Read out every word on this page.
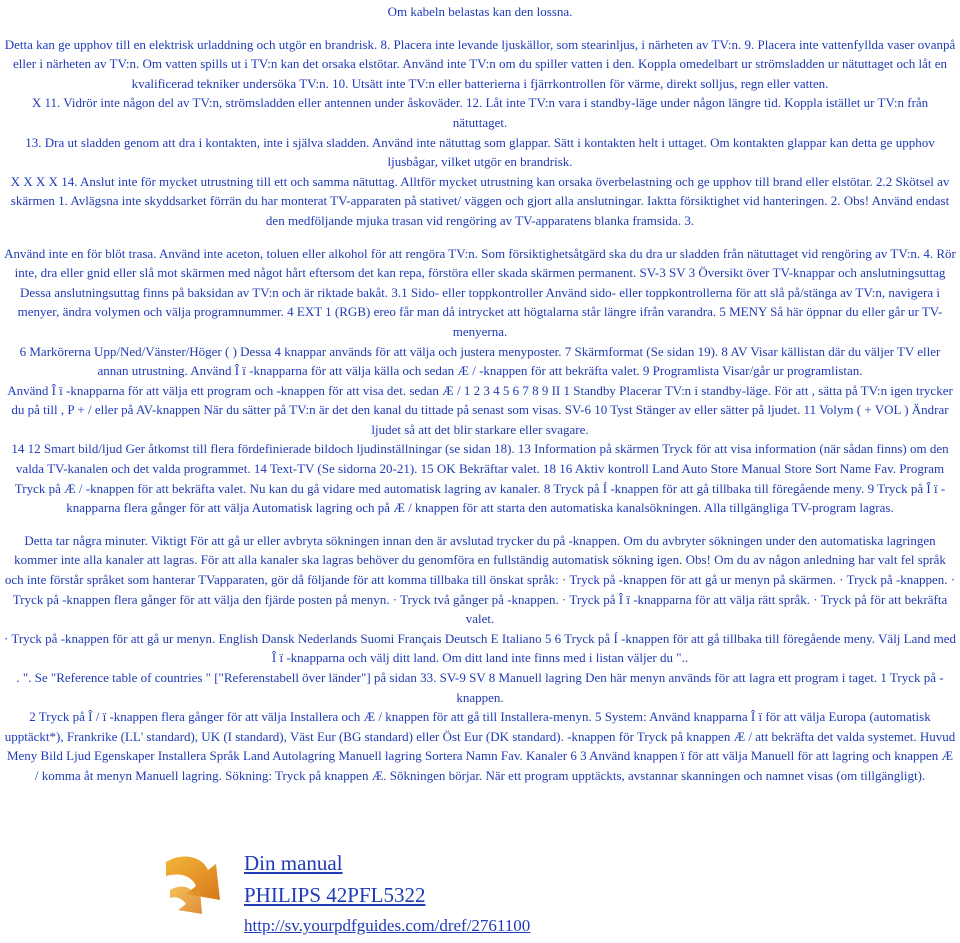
Om kabeln belastas kan den lossna.

Detta kan ge upphov till en elektrisk urladdning och utgör en brandrisk. 8. Placera inte levande ljuskällor, som stearinljus, i närheten av TV:n. 9. Placera inte vattenfyllda vaser ovanpå eller i närheten av TV:n. Om vatten spills ut i TV:n kan det orsaka elstötar. Använd inte TV:n om du spiller vatten i den. Koppla omedelbart ur strömsladden ur nätuttaget och låt en kvalificerad tekniker undersöka TV:n. 10. Utsätt inte TV:n eller batterierna i fjärrkontrollen för värme, direkt solljus, regn eller vatten.

X 11. Vidrör inte någon del av TV:n, strömsladden eller antennen under åskoväder. 12. Låt inte TV:n vara i standby-läge under någon längre tid. Koppla istället ur TV:n från nätuttaget.

13. Dra ut sladden genom att dra i kontakten, inte i själva sladden. Använd inte nätuttag som glappar. Sätt i kontakten helt i uttaget. Om kontakten glappar kan detta ge upphov ljusbågar, vilket utgör en brandrisk.

X X X X 14. Anslut inte för mycket utrustning till ett och samma nätuttag. Alltför mycket utrustning kan orsaka överbelastning och ge upphov till brand eller elstötar. 2.2 Skötsel av skärmen 1. Avlägsna inte skyddsarket förrän du har monterat TV-apparaten på stativet/ väggen och gjort alla anslutningar. Iaktta försiktighet vid hanteringen. 2. Obs! Använd endast den medföljande mjuka trasan vid rengöring av TV-apparatens blanka framsida. 3.

Använd inte en för blöt trasa. Använd inte aceton, toluen eller alkohol för att rengöra TV:n. Som försiktighetsåtgärd ska du dra ur sladden från nätuttaget vid rengöring av TV:n. 4. Rör inte, dra eller gnid eller slå mot skärmen med något hårt eftersom det kan repa, förstöra eller skada skärmen permanent. SV-3 SV 3 Översikt över TV-knappar och anslutningsuttag Dessa anslutningsuttag finns på baksidan av TV:n och är riktade bakåt. 3.1 Sido- eller toppkontroller Använd sido- eller toppkontrollerna för att slå på/stänga av TV:n, navigera i menyer, ändra volymen och välja programnummer. 4 EXT 1 (RGB) ereo får man då intrycket att högtalarna står längre ifrån varandra. 5 MENY Så här öppnar du eller går ur TV-menyerna.

6 Markörerna Upp/Ned/Vänster/Höger ( ) Dessa 4 knappar används för att välja och justera menyposter. 7 Skärmformat (Se sidan 19). 8 AV Visar källistan där du väljer TV eller annan utrustning. Använd Î ï -knapparna för att välja källa och sedan Æ / -knappen för att bekräfta valet. 9 Programlista Visar/går ur programlistan.

Använd Î ï -knapparna för att välja ett program och -knappen för att visa det. sedan Æ / 1 2 3 4 5 6 7 8 9 II 1 Standby Placerar TV:n i standby-läge. För att , sätta på TV:n igen trycker du på till , P + / eller på AV-knappen När du sätter på TV:n är det den kanal du tittade på senast som visas. SV-6 10 Tyst Stänger av eller sätter på ljudet. 11 Volym ( + VOL ) Ändrar ljudet så att det blir starkare eller svagare.

14 12 Smart bild/ljud Ger åtkomst till flera fördefinierade bildoch ljudinställningar (se sidan 18). 13 Information på skärmen Tryck för att visa information (när sådan finns) om den valda TV-kanalen och det valda programmet. 14 Text-TV (Se sidorna 20-21). 15 OK Bekräftar valet. 18 16 Aktiv kontroll Land Auto Store Manual Store Sort Name Fav. Program Tryck på Æ / -knappen för att bekräfta valet. Nu kan du gå vidare med automatisk lagring av kanaler. 8 Tryck på Í -knappen för att gå tillbaka till föregående meny. 9 Tryck på Î ï -knapparna flera gånger för att välja Automatisk lagring och på Æ / knappen för att starta den automatiska kanalsökningen. Alla tillgängliga TV-program lagras.

Detta tar några minuter. Viktigt För att gå ur eller avbryta sökningen innan den är avslutad trycker du på -knappen. Om du avbryter sökningen under den automatiska lagringen kommer inte alla kanaler att lagras. För att alla kanaler ska lagras behöver du genomföra en fullständig automatisk sökning igen. Obs! Om du av någon anledning har valt fel språk och inte förstår språket som hanterar TVapparaten, gör då följande för att komma tillbaka till önskat språk: · Tryck på -knappen för att gå ur menyn på skärmen. · Tryck på -knappen. · Tryck på -knappen flera gånger för att välja den fjärde posten på menyn. · Tryck två gånger på -knappen. · Tryck på Î ï -knapparna för att välja rätt språk. · Tryck på för att bekräfta valet.

· Tryck på -knappen för att gå ur menyn. English Dansk Nederlands Suomi Français Deutsch E Italiano 5 6 Tryck på Í -knappen för att gå tillbaka till föregående meny. Välj Land med Î ï -knapparna och välj ditt land. Om ditt land inte finns med i listan väljer du "..

. ". Se "Reference table of countries " ["Referenstabell över länder"] på sidan 33. SV-9 SV 8 Manuell lagring Den här menyn används för att lagra ett program i taget. 1 Tryck på -knappen.

2 Tryck på Î / ï -knappen flera gånger för att välja Installera och Æ / knappen för att gå till Installera-menyn. 5 System: Använd knapparna Î ï för att välja Europa (automatisk upptäckt*), Frankrike (LL' standard), UK (I standard), Väst Eur (BG standard) eller Öst Eur (DK standard). -knappen för Tryck på knappen Æ / att bekräfta det valda systemet. Huvud Meny Bild Ljud Egenskaper Installera Språk Land Autolagring Manuell lagring Sortera Namn Fav. Kanaler 6 3 Använd knappen ï för att välja Manuell för att lagring och knappen Æ / komma åt menyn Manuell lagring. Sökning: Tryck på knappen Æ. Sökningen börjar. När ett program upptäckts, avstannar skanningen och namnet visas (om tillgängligt).

Din manual
PHILIPS 42PFL5322
http://sv.yourpdfguides.com/dref/2761100
